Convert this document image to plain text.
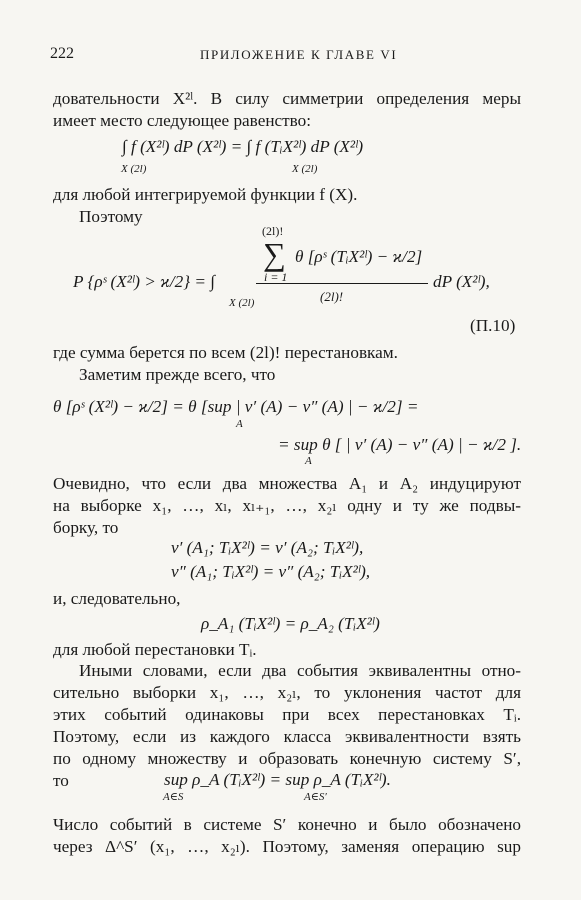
222	ПРИЛОЖЕНИЕ К ГЛАВЕ VI
довательности X²ˡ. В силу симметрии определения меры
имеет место следующее равенство:
∫ f (X²ˡ) dP (X²ˡ) = ∫ f (TᵢX²ˡ) dP (X²ˡ)
X (2l)	X (2l)
для любой интегрируемой функции f (X).
Поэтому
(2l)!
∑ θ [ρˢ (TᵢX²ˡ) − ϰ/2]
i = 1
P {ρˢ (X²ˡ) > ϰ/2} = ∫	dP (X²ˡ),
(2l)!
X (2l)
(П.10)
где сумма берется по всем (2l)! перестановкам.
Заметим прежде всего, что
θ [ρˢ (X²ˡ) − ϰ/2] = θ [sup | ν′ (A) − ν″ (A) | − ϰ/2] =
A
= sup θ [ | ν′ (A) − ν″ (A) | − ϰ/2 ].
A
Очевидно, что если два множества A₁ и A₂ индуцируют
на выборке x₁, …, xₗ, xₗ₊₁, …, x₂ₗ одну и ту же подвы-
борку, то
ν′ (A₁; TᵢX²ˡ) = ν′ (A₂; TᵢX²ˡ),
ν″ (A₁; TᵢX²ˡ) = ν″ (A₂; TᵢX²ˡ),
и, следовательно,
ρ_A₁ (TᵢX²ˡ) = ρ_A₂ (TᵢX²ˡ)
для любой перестановки Tᵢ.
Иными словами, если два события эквивалентны отно-
сительно выборки x₁, …, x₂ₗ, то уклонения частот для
этих событий одинаковы при всех перестановках Tᵢ.
Поэтому, если из каждого класса эквивалентности взять
по одному множеству и образовать конечную систему S′,
то	sup ρ_A (TᵢX²ˡ) = sup ρ_A (TᵢX²ˡ).
A∈S	A∈S′
Число событий в системе S′ конечно и было обозначено
через Δ^S′ (x₁, …, x₂ₗ). Поэтому, заменяя операцию sup
